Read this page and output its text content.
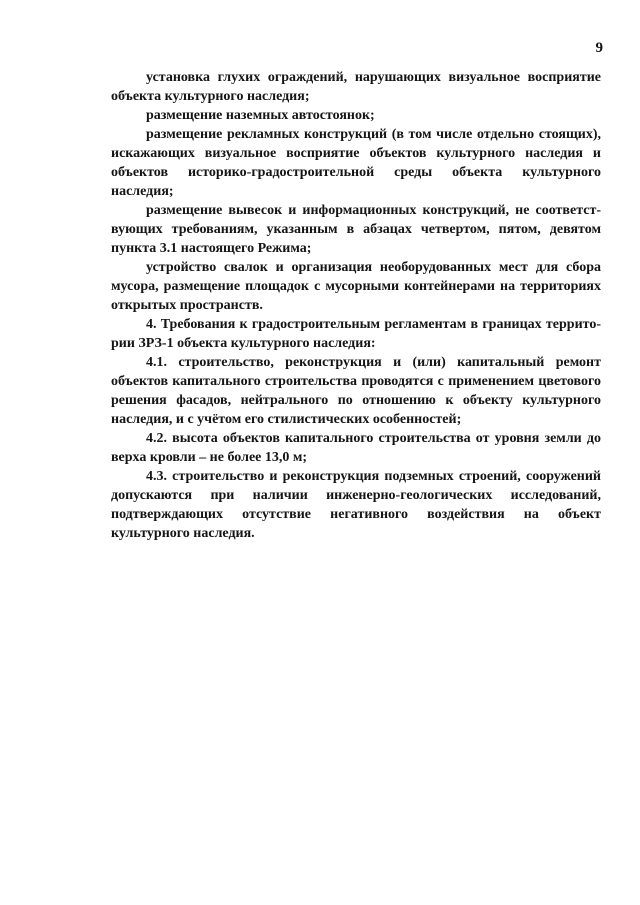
9

установка глухих ограждений, нарушающих визуальное восприятие объекта культурного наследия;

размещение наземных автостоянок;

размещение рекламных конструкций (в том числе отдельно стоящих), искажающих визуальное восприятие объектов культурного наследия и объектов историко-градостроительной среды объекта культурного наследия;

размещение вывесок и информационных конструкций, не соответст-вующих требованиям, указанным в абзацах четвертом, пятом, девятом пункта 3.1 настоящего Режима;

устройство свалок и организация необорудованных мест для сбора мусора, размещение площадок с мусорными контейнерами на территориях открытых пространств.

4. Требования к градостроительным регламентам в границах террито-рии ЗРЗ-1 объекта культурного наследия:

4.1. строительство, реконструкция и (или) капитальный ремонт объектов капитального строительства проводятся с применением цветового решения фасадов, нейтрального по отношению к объекту культурного наследия, и с учётом его стилистических особенностей;

4.2. высота объектов капитального строительства от уровня земли до верха кровли – не более 13,0 м;

4.3. строительство и реконструкция подземных строений, сооружений допускаются при наличии инженерно-геологических исследований, подтверждающих отсутствие негативного воздействия на объект культурного наследия.
